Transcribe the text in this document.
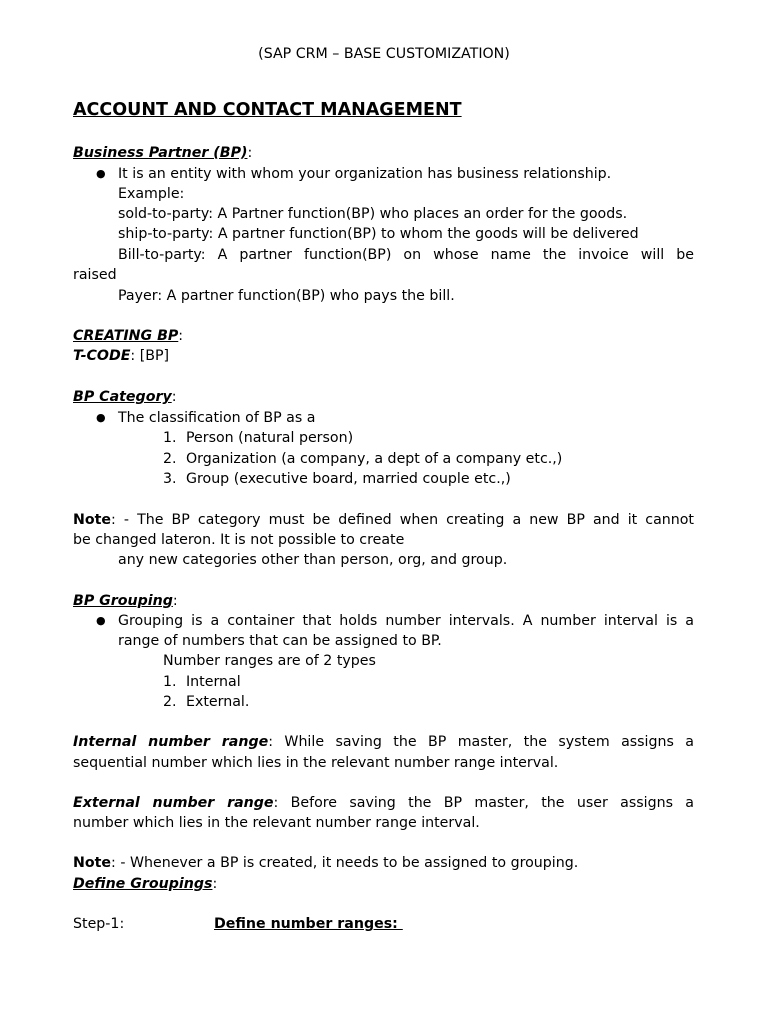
(SAP CRM – BASE CUSTOMIZATION)
ACCOUNT AND CONTACT MANAGEMENT
Business Partner (BP):
● It is an entity with whom your organization has business relationship.
Example:
sold-to-party: A Partner function(BP) who places an order for the goods.
ship-to-party: A partner function(BP) to whom the goods will be delivered
Bill-to-party: A partner function(BP) on whose name the invoice will be
raised
Payer: A partner function(BP) who pays the bill.
CREATING BP:
T-CODE: [BP]
BP Category:
● The classification of BP as a
1. Person (natural person)
2. Organization (a company, a dept of a company etc.,)
3. Group (executive board, married couple etc.,)
Note: - The BP category must be defined when creating a new BP and it cannot
be changed lateron. It is not possible to create
any new categories other than person, org, and group.
BP Grouping:
● Grouping is a container that holds number intervals. A number interval is a
range of numbers that can be assigned to BP.
Number ranges are of 2 types
1. Internal
2. External.
Internal number range: While saving the BP master, the system assigns a
sequential number which lies in the relevant number range interval.
External number range: Before saving the BP master, the user assigns a
number which lies in the relevant number range interval.
Note: - Whenever a BP is created, it needs to be assigned to grouping.
Define Groupings:
Step-1:	Define number ranges:
